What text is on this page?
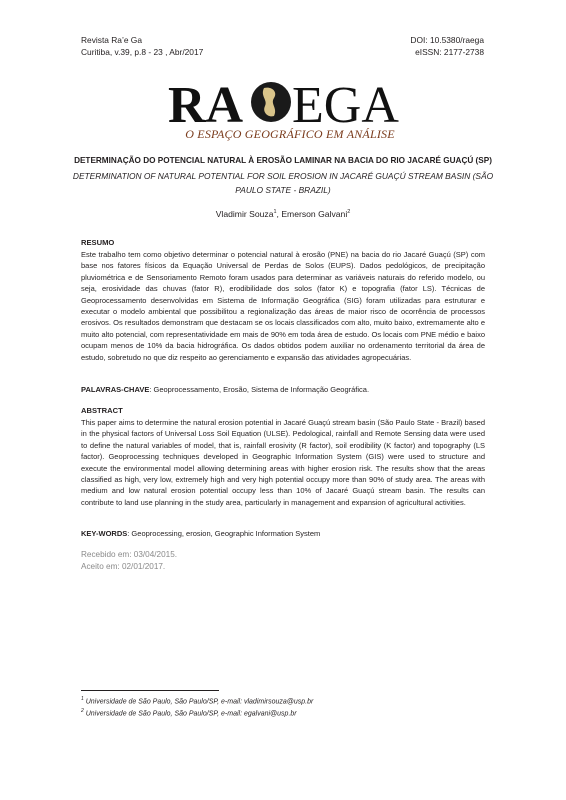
Revista Ra’e Ga
Curitiba, v.39, p.8 - 23 , Abr/2017
DOI: 10.5380/raega
eISSN: 2177-2738
RA EGA
O ESPAÇO GEOGRÁFICO EM ANÁLISE
DETERMINAÇÃO DO POTENCIAL NATURAL À EROSÃO LAMINAR NA BACIA DO RIO JACARÉ GUAÇÚ (SP)
DETERMINATION OF NATURAL POTENTIAL FOR SOIL EROSION IN JACARÉ GUAÇÚ STREAM BASIN (SÃO
PAULO STATE - BRAZIL)
Vladimir Souza$^1$, Emerson Galvani$^2$
RESUMO
Este trabalho tem como objetivo determinar o potencial natural à erosão (PNE) na bacia do rio Jacaré Guaçú (SP) com base nos fatores físicos da Equação Universal de Perdas de Solos (EUPS). Dados pedológicos, de precipitação pluviométrica e de Sensoriamento Remoto foram usados para determinar as variáveis naturais do referido modelo, ou seja, erosividade das chuvas (fator R), erodibilidade dos solos (fator K) e topografia (fator LS). Técnicas de Geoprocessamento desenvolvidas em Sistema de Informação Geográfica (SIG) foram utilizadas para estruturar e executar o modelo ambiental que possibilitou a regionalização das áreas de maior risco de ocorrência de processos erosivos. Os resultados demonstram que destacam se os locais classificados com alto, muito baixo, extremamente alto e muito alto potencial, com representatividade em mais de 90% em toda área de estudo. Os locais com PNE médio e baixo ocupam menos de 10% da bacia hidrográfica. Os dados obtidos podem auxiliar no ordenamento territorial da área de estudo, sobretudo no que diz respeito ao gerenciamento e expansão das atividades agropecuárias.
PALAVRAS-CHAVE: Geoprocessamento, Erosão, Sistema de Informação Geográfica.
ABSTRACT
This paper aims to determine the natural erosion potential in Jacaré Guaçú stream basin (São Paulo State - Brazil) based in the physical factors of Universal Loss Soil Equation (ULSE). Pedological, rainfall and Remote Sensing data were used to define the natural variables of model, that is, rainfall erosivity (R factor), soil erodibility (K factor) and topography (LS factor). Geoprocessing techniques developed in Geographic Information System (GIS) were used to structure and execute the environmental model allowing determining areas with higher erosion risk. The results show that the areas classified as high, very low, extremely high and very high potential occupy more than 90% of study area. The areas with medium and low natural erosion potential occupy less than 10% of Jacaré Guaçú stream basin. The results can contribute to land use planning in the study area, particularly in management and expansion of agricultural activities.
KEY-WORDS: Geoprocessing, erosion, Geographic Information System
Recebido em: 03/04/2015.
Aceito em: 02/01/2017.
$^1$ Universidade de São Paulo, São Paulo/SP, e-mail: vladimirsouza@usp.br
$^2$ Universidade de São Paulo, São Paulo/SP, e-mail: egalvani@usp.br
